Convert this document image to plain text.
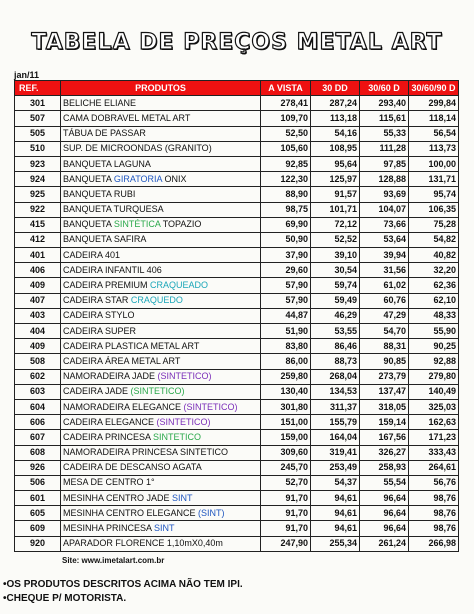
TABELA DE PREÇOS METAL ART
jan/11
REF.	PRODUTOS	A VISTA	30 DD	30/60 D	30/60/90 D
301	BELICHE ELIANE	278,41	287,24	293,40	299,84
507	CAMA DOBRAVEL METAL ART	109,70	113,18	115,61	118,14
505	TÁBUA DE PASSAR	52,50	54,16	55,33	56,54
510	SUP. DE MICROONDAS (GRANITO)	105,60	108,95	111,28	113,73
923	BANQUETA LAGUNA	92,85	95,64	97,85	100,00
924	BANQUETA GIRATORIA ONIX	122,30	125,97	128,88	131,71
925	BANQUETA RUBI	88,90	91,57	93,69	95,74
922	BANQUETA TURQUESA	98,75	101,71	104,07	106,35
415	BANQUETA SINTÉTICA TOPAZIO	69,90	72,12	73,66	75,28
412	BANQUETA SAFIRA	50,90	52,52	53,64	54,82
401	CADEIRA 401	37,90	39,10	39,94	40,82
406	CADEIRA INFANTIL 406	29,60	30,54	31,56	32,20
409	CADEIRA PREMIUM CRAQUEADO	57,90	59,74	61,02	62,36
407	CADEIRA STAR CRAQUEDO	57,90	59,49	60,76	62,10
403	CADEIRA STYLO	44,87	46,29	47,29	48,33
404	CADEIRA SUPER	51,90	53,55	54,70	55,90
409	CADEIRA PLASTICA METAL ART	83,80	86,46	88,31	90,25
508	CADEIRA ÁREA METAL ART	86,00	88,73	90,85	92,88
602	NAMORADEIRA JADE (SINTETICO)	259,80	268,04	273,79	279,80
603	CADEIRA JADE (SINTETICO)	130,40	134,53	137,47	140,49
604	NAMORADEIRA ELEGANCE (SINTETICO)	301,80	311,37	318,05	325,03
606	CADEIRA ELEGANCE (SINTETICO)	151,00	155,79	159,14	162,63
607	CADEIRA PRINCESA SINTETICO	159,00	164,04	167,56	171,23
608	NAMORADEIRA PRINCESA SINTETICO	309,60	319,41	326,27	333,43
926	CADEIRA DE DESCANSO AGATA	245,70	253,49	258,93	264,61
506	MESA DE CENTRO 1°	52,70	54,37	55,54	56,76
601	MESINHA CENTRO JADE SINT	91,70	94,61	96,64	98,76
605	MESINHA CENTRO ELEGANCE (SINT)	91,70	94,61	96,64	98,76
609	MESINHA PRINCESA SINT	91,70	94,61	96,64	98,76
920	APARADOR FLORENCE 1,10mX0,40m	247,90	255,34	261,24	266,98
Site: www.imetalart.com.br
•OS PRODUTOS DESCRITOS ACIMA NÃO TEM IPI.
•CHEQUE P/ MOTORISTA.
